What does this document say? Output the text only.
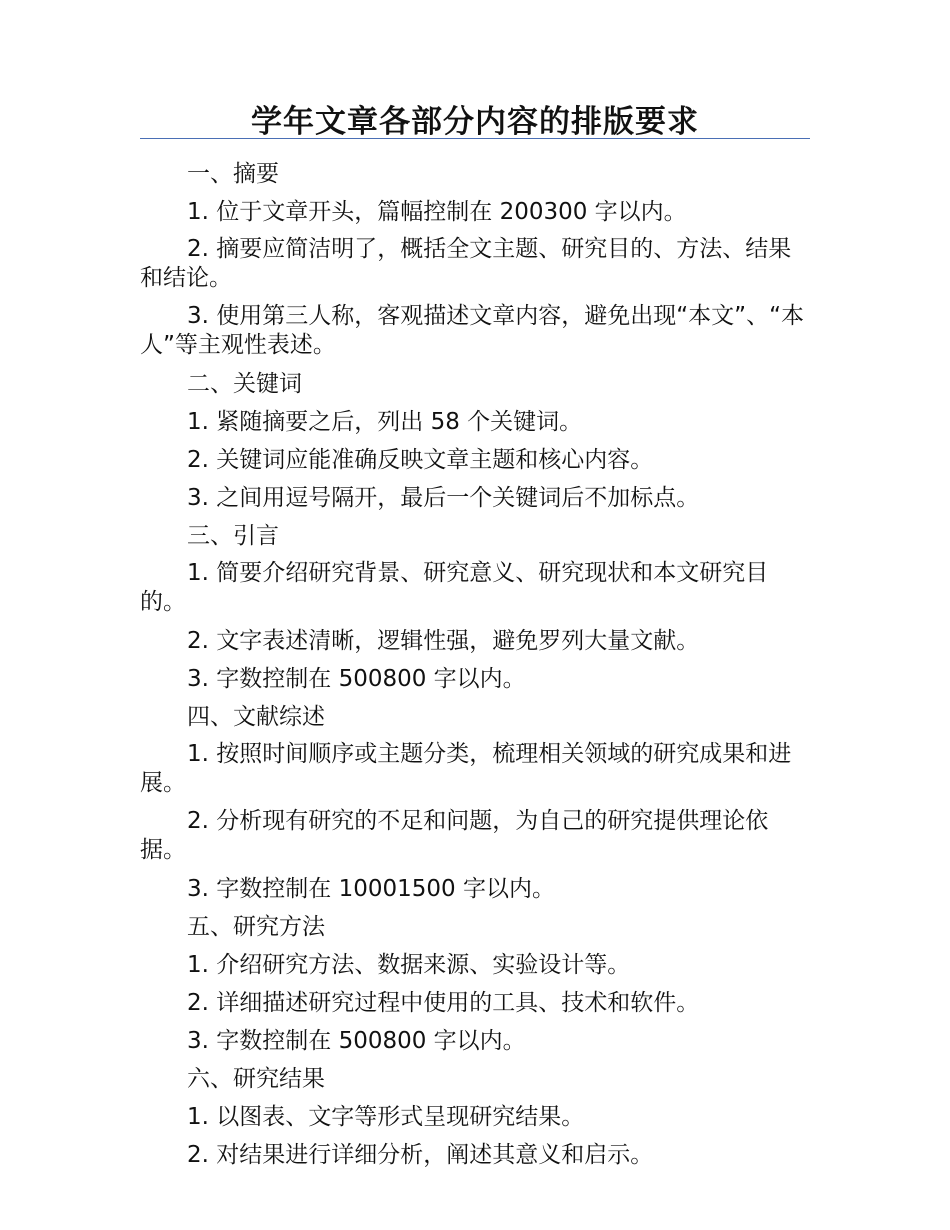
学年文章各部分内容的排版要求

一、摘要

1. 位于文章开头，篇幅控制在 200300 字以内。

2. 摘要应简洁明了，概括全文主题、研究目的、方法、结果和结论。

3. 使用第三人称，客观描述文章内容，避免出现“本文”、“本人”等主观性表述。

二、关键词

1. 紧随摘要之后，列出 58 个关键词。

2. 关键词应能准确反映文章主题和核心内容。

3. 之间用逗号隔开，最后一个关键词后不加标点。

三、引言

1. 简要介绍研究背景、研究意义、研究现状和本文研究目的。

2. 文字表述清晰，逻辑性强，避免罗列大量文献。

3. 字数控制在 500800 字以内。

四、文献综述

1. 按照时间顺序或主题分类，梳理相关领域的研究成果和进展。

2. 分析现有研究的不足和问题，为自己的研究提供理论依据。

3. 字数控制在 10001500 字以内。

五、研究方法

1. 介绍研究方法、数据来源、实验设计等。

2. 详细描述研究过程中使用的工具、技术和软件。

3. 字数控制在 500800 字以内。

六、研究结果

1. 以图表、文字等形式呈现研究结果。

2. 对结果进行详细分析，阐述其意义和启示。
